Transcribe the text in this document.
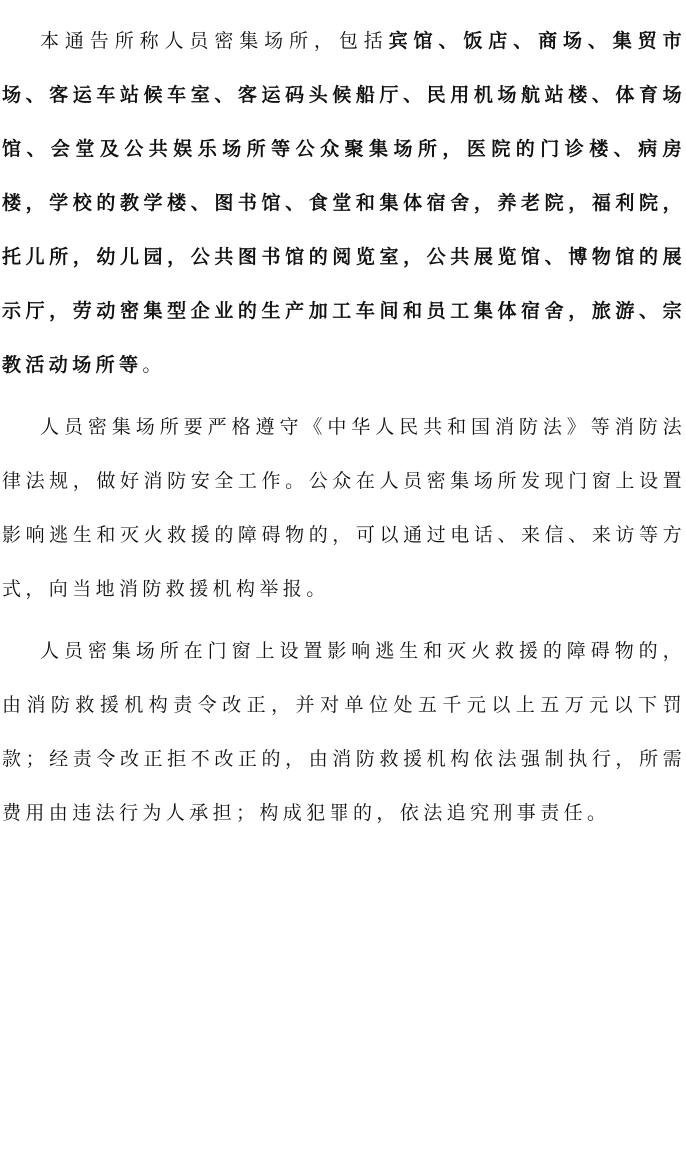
本通告所称人员密集场所，包括宾馆、饭店、商场、集贸市场、客运车站候车室、客运码头候船厅、民用机场航站楼、体育场馆、会堂及公共娱乐场所等公众聚集场所，医院的门诊楼、病房楼，学校的教学楼、图书馆、食堂和集体宿舍，养老院，福利院，托儿所，幼儿园，公共图书馆的阅览室，公共展览馆、博物馆的展示厅，劳动密集型企业的生产加工车间和员工集体宿舍，旅游、宗教活动场所等。

人员密集场所要严格遵守《中华人民共和国消防法》等消防法律法规，做好消防安全工作。公众在人员密集场所发现门窗上设置影响逃生和灭火救援的障碍物的，可以通过电话、来信、来访等方式，向当地消防救援机构举报。

人员密集场所在门窗上设置影响逃生和灭火救援的障碍物的，由消防救援机构责令改正，并对单位处五千元以上五万元以下罚款；经责令改正拒不改正的，由消防救援机构依法强制执行，所需费用由违法行为人承担；构成犯罪的，依法追究刑事责任。
